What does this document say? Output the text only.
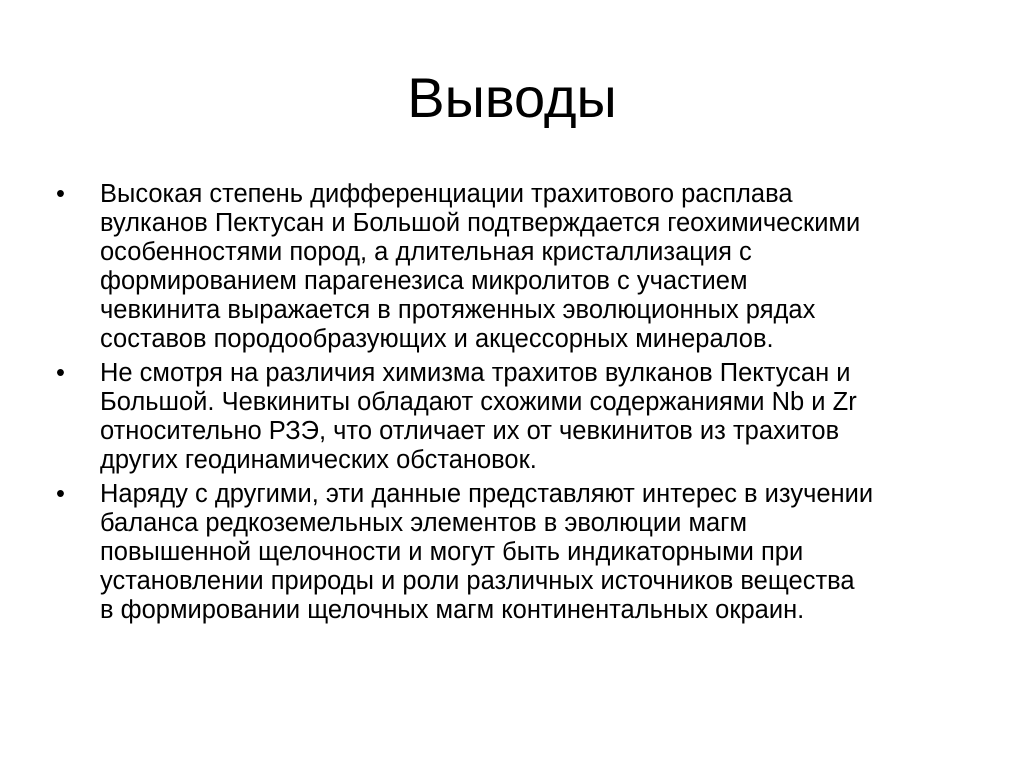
Выводы
•	Высокая степень дифференциации трахитового расплава
вулканов Пектусан и Большой подтверждается геохимическими
особенностями пород, а длительная кристаллизация с
формированием парагенезиса микролитов с участием
чевкинита выражается в протяженных эволюционных рядах
составов породообразующих и акцессорных минералов.
•	Не смотря на различия химизма трахитов вулканов Пектусан и
Большой. Чевкиниты обладают схожими содержаниями Nb и Zr
относительно РЗЭ, что отличает их от чевкинитов из трахитов
других геодинамических обстановок.
•	Наряду с другими, эти данные представляют интерес в изучении
баланса редкоземельных элементов в эволюции магм
повышенной щелочности и могут быть индикаторными при
установлении природы и роли различных источников вещества
в формировании щелочных магм континентальных окраин.
